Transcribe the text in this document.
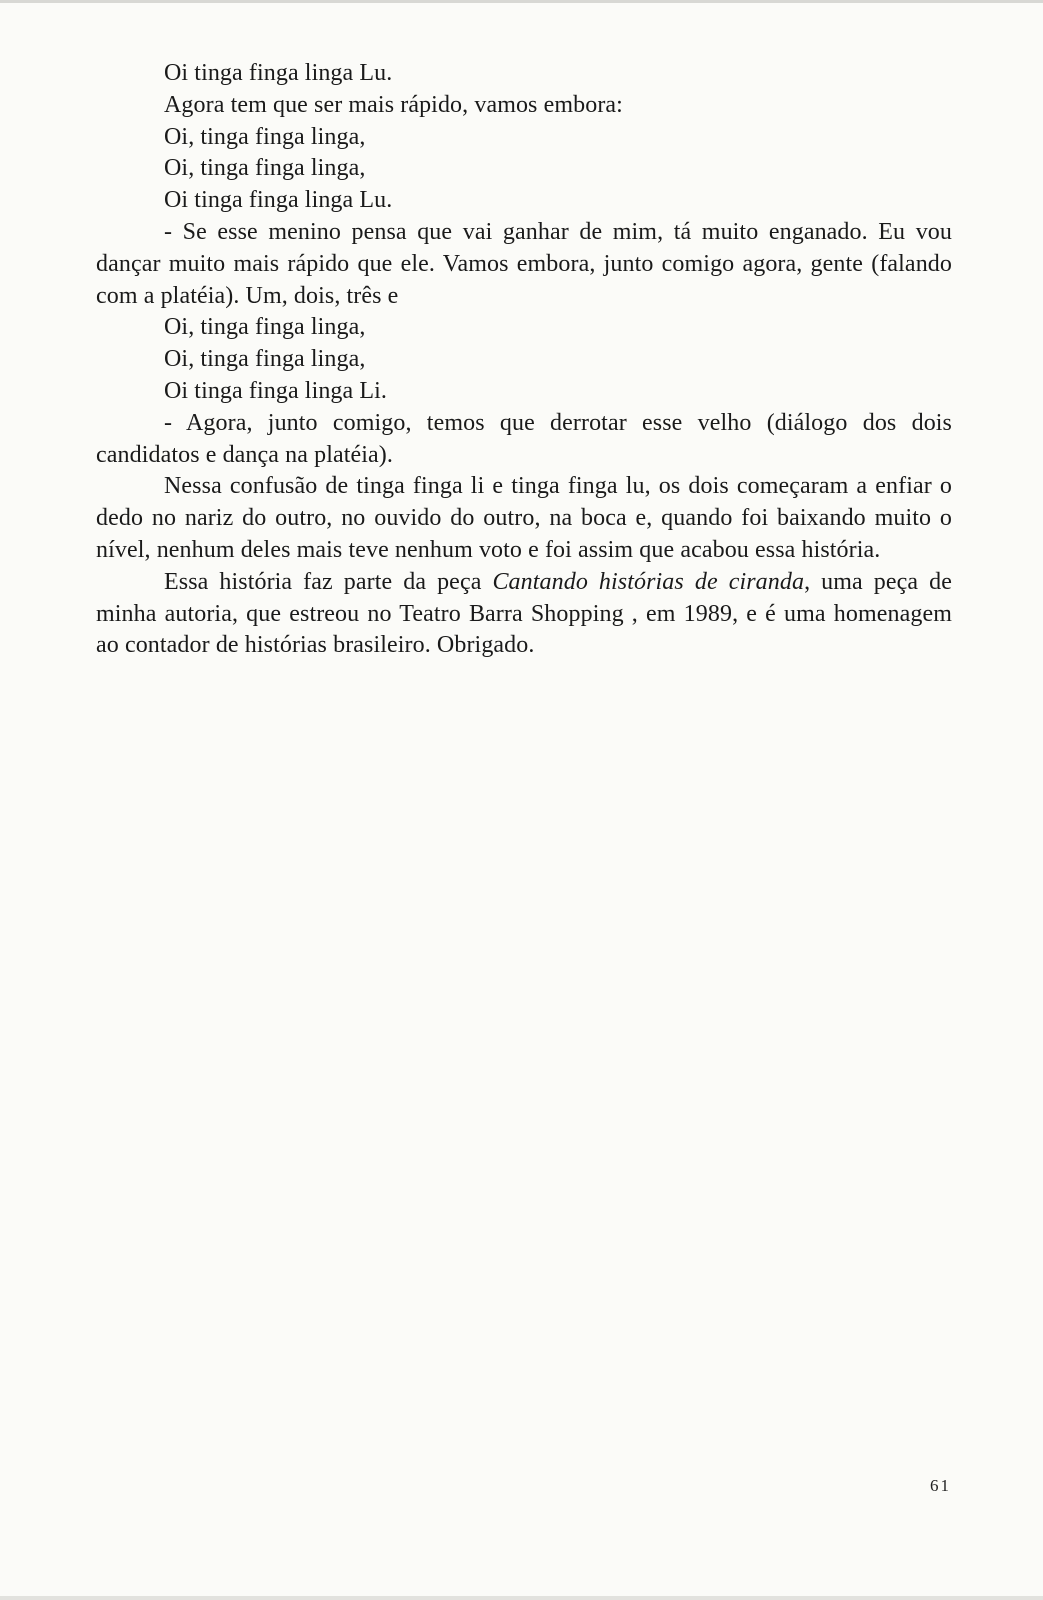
Oi tinga finga linga Lu.
Agora tem que ser mais rápido, vamos embora:
Oi, tinga finga linga,
Oi, tinga finga linga,
Oi tinga finga linga Lu.

- Se esse menino pensa que vai ganhar de mim, tá muito enganado. Eu vou dançar muito mais rápido que ele. Vamos embora, junto comigo agora, gente (falando com a platéia). Um, dois, três e

Oi, tinga finga linga,
Oi, tinga finga linga,
Oi tinga finga linga Li.

- Agora, junto comigo, temos que derrotar esse velho (diálogo dos dois candidatos e dança na platéia).

Nessa confusão de tinga finga li e tinga finga lu, os dois começaram a enfiar o dedo no nariz do outro, no ouvido do outro, na boca e, quando foi baixando muito o nível, nenhum deles mais teve nenhum voto e foi assim que acabou essa história.

Essa história faz parte da peça Cantando histórias de ciranda, uma peça de minha autoria, que estreou no Teatro Barra Shopping , em 1989, e é uma homenagem ao contador de histórias brasileiro. Obrigado.

61
